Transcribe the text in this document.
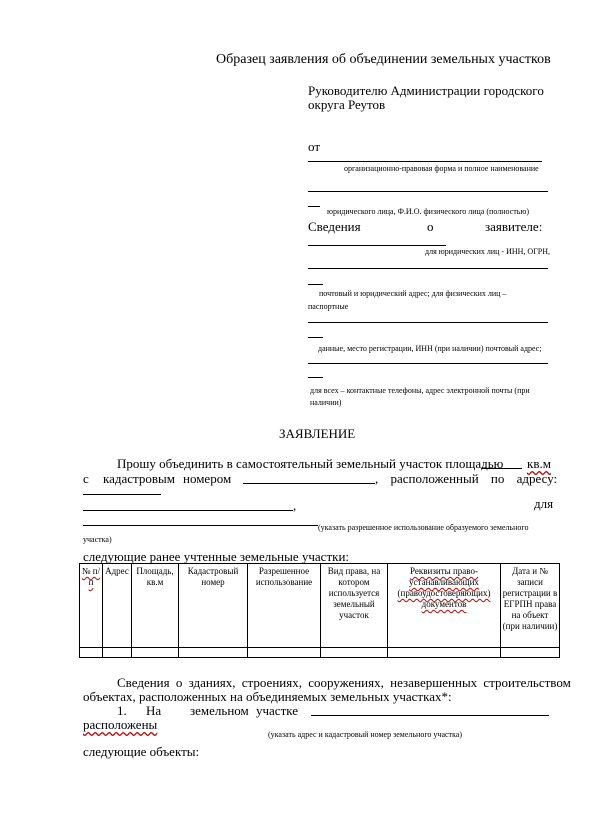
Образец заявления об объединении земельных участков
Руководителю Администрации городского
округа Реутов
от
организационно-правовая форма и полное наименование
юридического лица, Ф.И.О. физического лица (полностью)
Сведения	о	заявителе:
для юридических лиц - ИНН, ОГРН,
почтовый и юридический адрес; для физических лиц –
паспортные
данные, место регистрации, ИНН (при наличии) почтовый адрес;
для всех – контактные телефоны, адрес электронной почты (при
наличии)
ЗАЯВЛЕНИЕ
Прошу объединить в самостоятельный земельный участок площадью кв.м
с кадастровым номером	, расположенный по адресу:
,	для
(указать разрешенное использование образуемого земельного
участка)
следующие ранее учтенные земельные участки:
№ п/п	Адрес	Площадь, кв.м	Кадастровый номер	Разрешенное использование	Вид права, на котором используется земельный участок	Реквизиты право-устанавливающих (правоудостоверяющих) документов	Дата и № записи регистрации в ЕГРПН права на объект (при наличии)

Сведения о зданиях, строениях, сооружениях, незавершенных строительством
объектах, расположенных на объединяемых земельных участках*:
1. На земельном участке
расположены
(указать адрес и кадастровый номер земельного участка)
следующие объекты:
